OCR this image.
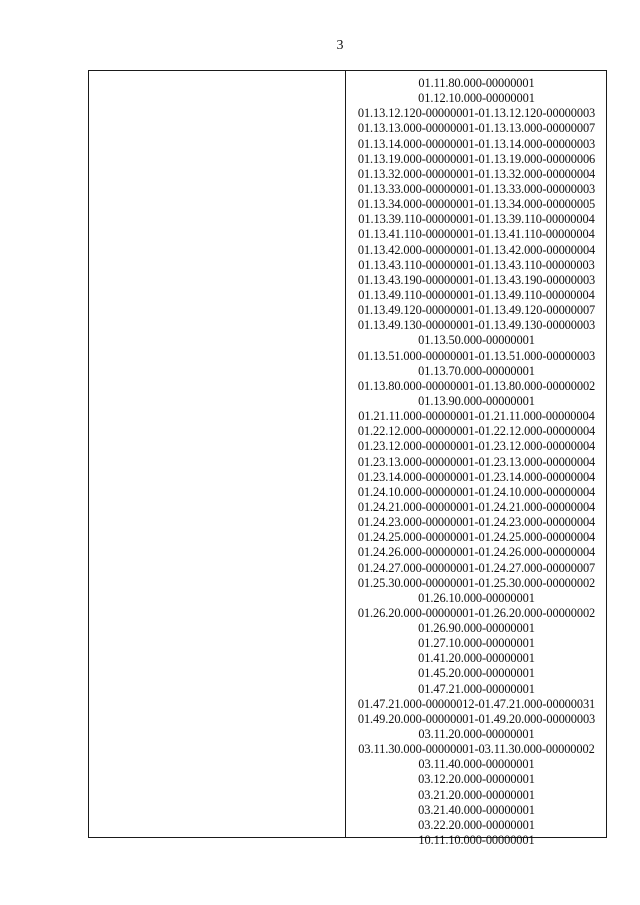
3
01.11.80.000-00000001
01.12.10.000-00000001
01.13.12.120-00000001-01.13.12.120-00000003
01.13.13.000-00000001-01.13.13.000-00000007
01.13.14.000-00000001-01.13.14.000-00000003
01.13.19.000-00000001-01.13.19.000-00000006
01.13.32.000-00000001-01.13.32.000-00000004
01.13.33.000-00000001-01.13.33.000-00000003
01.13.34.000-00000001-01.13.34.000-00000005
01.13.39.110-00000001-01.13.39.110-00000004
01.13.41.110-00000001-01.13.41.110-00000004
01.13.42.000-00000001-01.13.42.000-00000004
01.13.43.110-00000001-01.13.43.110-00000003
01.13.43.190-00000001-01.13.43.190-00000003
01.13.49.110-00000001-01.13.49.110-00000004
01.13.49.120-00000001-01.13.49.120-00000007
01.13.49.130-00000001-01.13.49.130-00000003
01.13.50.000-00000001
01.13.51.000-00000001-01.13.51.000-00000003
01.13.70.000-00000001
01.13.80.000-00000001-01.13.80.000-00000002
01.13.90.000-00000001
01.21.11.000-00000001-01.21.11.000-00000004
01.22.12.000-00000001-01.22.12.000-00000004
01.23.12.000-00000001-01.23.12.000-00000004
01.23.13.000-00000001-01.23.13.000-00000004
01.23.14.000-00000001-01.23.14.000-00000004
01.24.10.000-00000001-01.24.10.000-00000004
01.24.21.000-00000001-01.24.21.000-00000004
01.24.23.000-00000001-01.24.23.000-00000004
01.24.25.000-00000001-01.24.25.000-00000004
01.24.26.000-00000001-01.24.26.000-00000004
01.24.27.000-00000001-01.24.27.000-00000007
01.25.30.000-00000001-01.25.30.000-00000002
01.26.10.000-00000001
01.26.20.000-00000001-01.26.20.000-00000002
01.26.90.000-00000001
01.27.10.000-00000001
01.41.20.000-00000001
01.45.20.000-00000001
01.47.21.000-00000001
01.47.21.000-00000012-01.47.21.000-00000031
01.49.20.000-00000001-01.49.20.000-00000003
03.11.20.000-00000001
03.11.30.000-00000001-03.11.30.000-00000002
03.11.40.000-00000001
03.12.20.000-00000001
03.21.20.000-00000001
03.21.40.000-00000001
03.22.20.000-00000001
10.11.10.000-00000001
